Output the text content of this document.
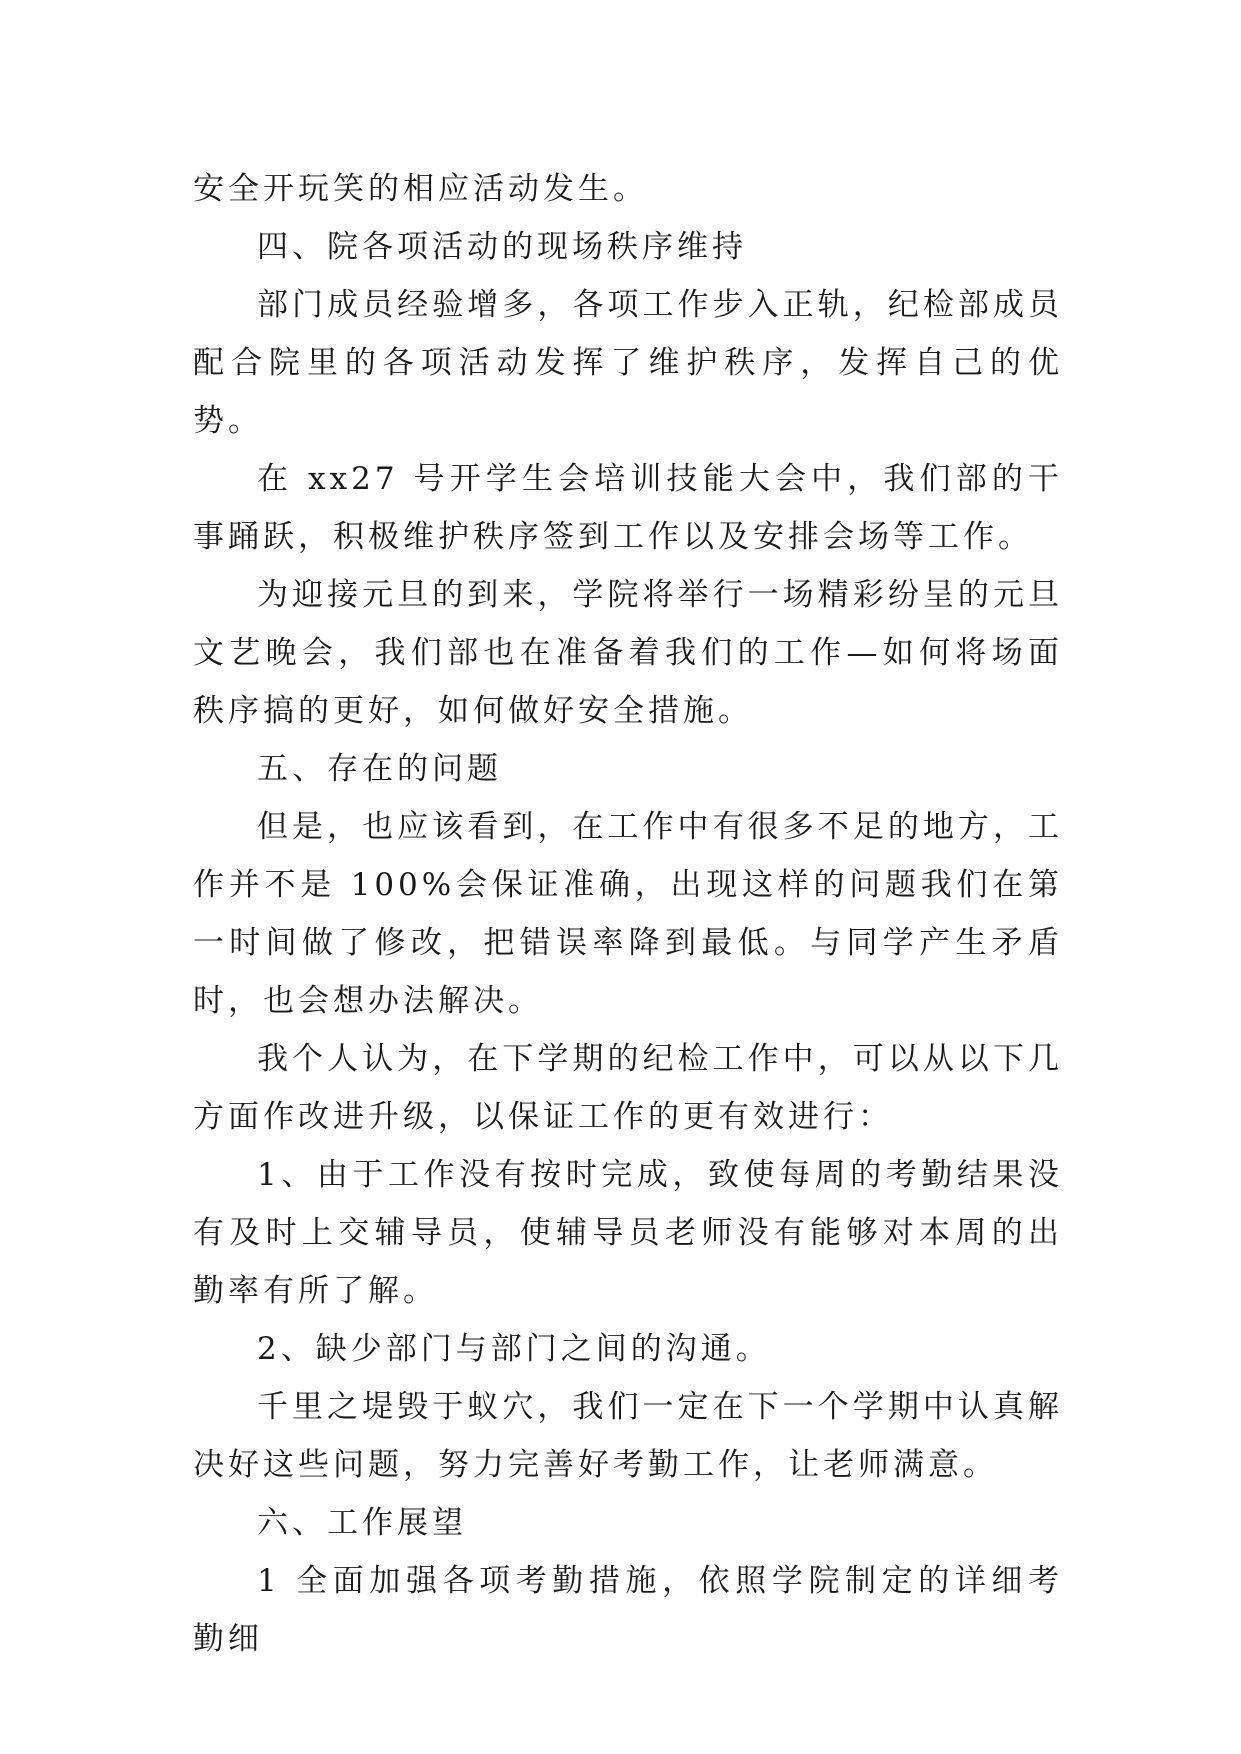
安全开玩笑的相应活动发生。

四、院各项活动的现场秩序维持

部门成员经验增多，各项工作步入正轨，纪检部成员配合院里的各项活动发挥了维护秩序，发挥自己的优势。

在 xx27 号开学生会培训技能大会中，我们部的干事踊跃，积极维护秩序签到工作以及安排会场等工作。

为迎接元旦的到来，学院将举行一场精彩纷呈的元旦文艺晚会，我们部也在准备着我们的工作—如何将场面秩序搞的更好，如何做好安全措施。

五、存在的问题

但是，也应该看到，在工作中有很多不足的地方，工作并不是 100%会保证准确，出现这样的问题我们在第一时间做了修改，把错误率降到最低。与同学产生矛盾时，也会想办法解决。

我个人认为，在下学期的纪检工作中，可以从以下几方面作改进升级，以保证工作的更有效进行：

1、由于工作没有按时完成，致使每周的考勤结果没有及时上交辅导员，使辅导员老师没有能够对本周的出勤率有所了解。

2、缺少部门与部门之间的沟通。

千里之堤毁于蚁穴，我们一定在下一个学期中认真解决好这些问题，努力完善好考勤工作，让老师满意。

六、工作展望

1 全面加强各项考勤措施，依照学院制定的详细考勤细
